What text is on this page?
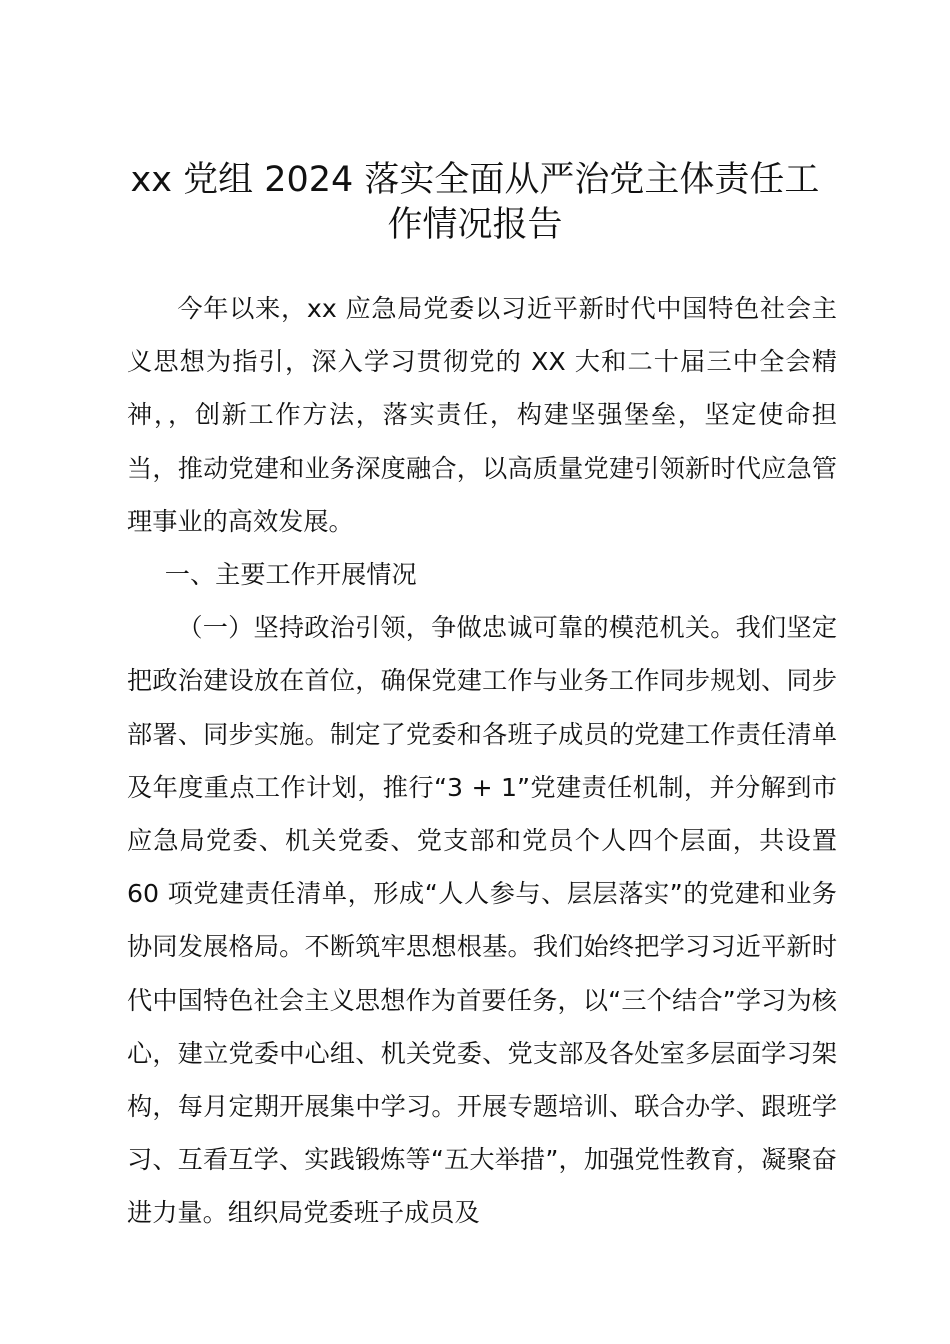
xx 党组 2024 落实全面从严治党主体责任工作情况报告

今年以来，xx 应急局党委以习近平新时代中国特色社会主义思想为指引，深入学习贯彻党的 XX 大和二十届三中全会精神，，创新工作方法，落实责任，构建坚强堡垒，坚定使命担当，推动党建和业务深度融合，以高质量党建引领新时代应急管理事业的高效发展。

一、主要工作开展情况

（一）坚持政治引领，争做忠诚可靠的模范机关。我们坚定把政治建设放在首位，确保党建工作与业务工作同步规划、同步部署、同步实施。制定了党委和各班子成员的党建工作责任清单及年度重点工作计划，推行“3 + 1”党建责任机制，并分解到市应急局党委、机关党委、党支部和党员个人四个层面，共设置 60 项党建责任清单，形成“人人参与、层层落实”的党建和业务协同发展格局。不断筑牢思想根基。我们始终把学习习近平新时代中国特色社会主义思想作为首要任务，以“三个结合”学习为核心，建立党委中心组、机关党委、党支部及各处室多层面学习架构，每月定期开展集中学习。开展专题培训、联合办学、跟班学习、互看互学、实践锻炼等“五大举措”，加强党性教育，凝聚奋进力量。组织局党委班子成员及
